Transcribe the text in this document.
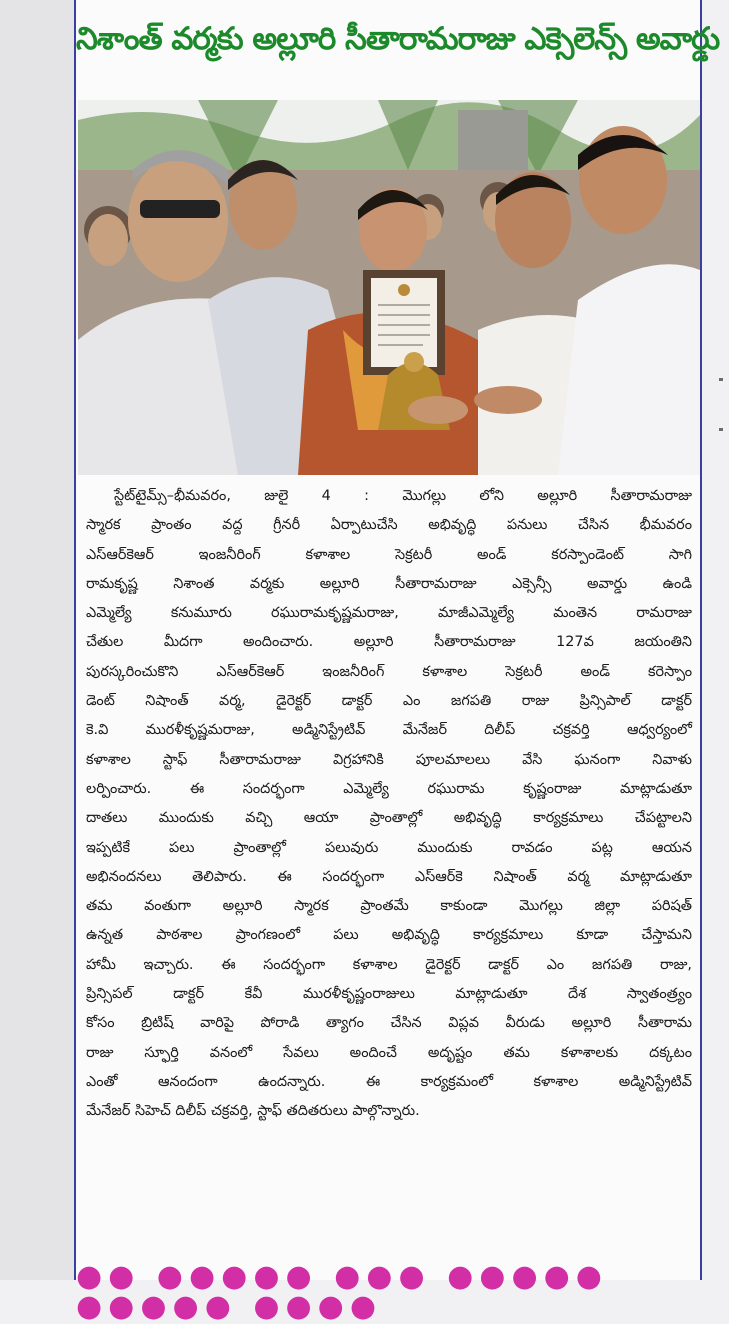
నిశాంత్ వర్మకు అల్లూరి సీతారామరాజు ఎక్సెలెన్స్ అవార్డు
స్టేట్‌టైమ్స్–భీమవరం, జులై 4 : మొగల్లు లోని అల్లూరి సీతారామరాజు
స్మారక ప్రాంతం వద్ద గ్రీనరీ ఏర్పాటుచేసి అభివృద్ధి పనులు చేసిన భీమవరం
ఎస్ఆర్‌కెఆర్ ఇంజనీరింగ్ కళాశాల సెక్రటరీ అండ్ కరస్పాండెంట్ సాగి
రామకృష్ణ నిశాంత వర్మకు అల్లూరి సీతారామరాజు ఎక్సెన్సీ అవార్డు ఉండి
ఎమ్మెల్యే కనుమూరు రఘురామకృష్ణమరాజు, మాజీఎమ్మెల్యే మంతెన రామరాజు
చేతుల మీదగా అందించారు. అల్లూరి సీతారామరాజు 127వ జయంతిని
పురస్కరించుకొని ఎస్ఆర్‌కెఆర్ ఇంజనీరింగ్ కళాశాల సెక్రటరీ అండ్ కరెస్పాం
డెంట్ నిషాంత్ వర్మ, డైరెక్టర్ డాక్టర్ ఎం జగపతి రాజు ప్రిన్సిపాల్ డాక్టర్
కె.వి మురళీకృష్ణమరాజు, అడ్మినిస్ట్రేటివ్ మేనేజర్ దిలీప్ చక్రవర్తి ఆధ్వర్యంలో
కళాశాల స్టాఫ్ సీతారామరాజు విగ్రహానికి పూలమాలలు వేసి ఘనంగా నివాళు
లర్పించారు. ఈ సందర్భంగా ఎమ్మెల్యే రఘురామ కృష్ణంరాజు మాట్లాడుతూ
దాతలు ముందుకు వచ్చి ఆయా ప్రాంతాల్లో అభివృద్ధి కార్యక్రమాలు చేపట్టాలని
ఇప్పటికే పలు ప్రాంతాల్లో పలువురు ముందుకు రావడం పట్ల ఆయన
అభినందనలు తెలిపారు. ఈ సందర్భంగా ఎస్ఆర్‌కె నిషాంత్ వర్మ మాట్లాడుతూ
తమ వంతుగా అల్లూరి స్మారక ప్రాంతమే కాకుండా మొగల్లు జిల్లా పరిషత్
ఉన్నత పాఠశాల ప్రాంగణంలో పలు అభివృద్ధి కార్యక్రమాలు కూడా చేస్తామని
హామీ ఇచ్చారు. ఈ సందర్భంగా కళాశాల డైరెక్టర్ డాక్టర్ ఎం జగపతి రాజు,
ప్రిన్సిపల్ డాక్టర్ కేవీ మురళీకృష్ణంరాజులు మాట్లాడుతూ దేశ స్వాతంత్ర్యం
కోసం బ్రిటిష్ వారిపై పోరాడి త్యాగం చేసిన విప్లవ వీరుడు అల్లూరి సీతారామ
రాజు స్ఫూర్తి వనంలో సేవలు అందించే అదృష్టం తమ కళాశాలకు దక్కటం
ఎంతో ఆనందంగా ఉందన్నారు. ఈ కార్యక్రమంలో కళాశాల అడ్మినిస్ట్రేటివ్
మేనేజర్ సిహెచ్ దిలీప్ చక్రవర్తి, స్టాఫ్ తదితరులు పాల్గొన్నారు.
●● ●●●●● ●●● ●●●●● ●●●●● ●●●●
